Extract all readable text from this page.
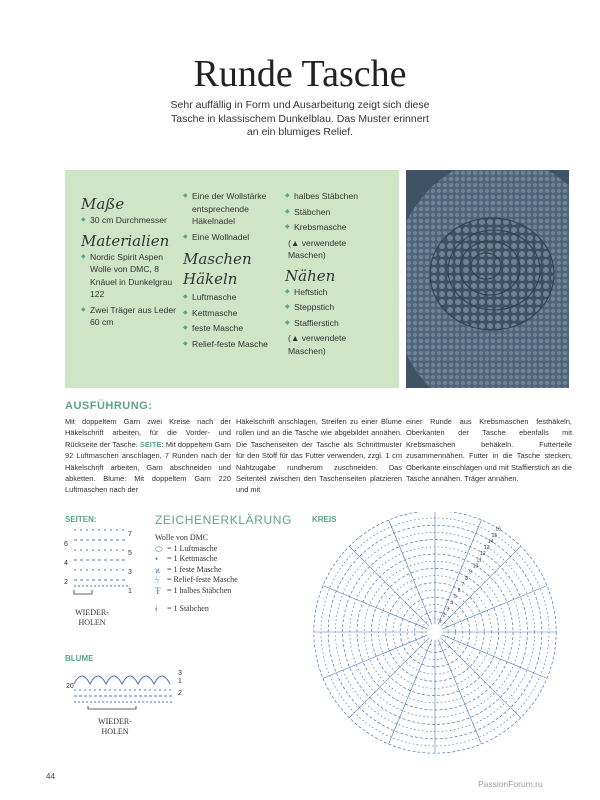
Runde Tasche
Sehr auffällig in Form und Ausarbeitung zeigt sich diese Tasche in klassischem Dunkelblau. Das Muster erinnert an ein blumiges Relief.
Maße
◆ 30 cm Durchmesser
Materialien
◆ Nordic Spirit Aspen Wolle von DMC, 8 Knäuel in Dunkelgrau 122
◆ Zwei Träger aus Leder 60 cm
◆ Eine der Wollstärke entsprechende Häkelnadel
◆ Eine Wollnadel
Maschen Häkeln
◆ Luftmasche
◆ Kettmasche
◆ feste Masche
◆ Relief-feste Masche
◆ halbes Stäbchen
◆ Stäbchen
◆ Krebsmasche
(▲ verwendete Maschen)
Nähen
◆ Heftstich
◆ Steppstich
◆ Staffierstich
(▲ verwendete Maschen)
AUSFÜHRUNG:
Mit doppeltem Garn zwei Kreise nach der Häkelschrift arbeiten, für die Vorder- und Rückseite der Tasche. SEITE: Mit doppeltem Garn 92 Luftmaschen anschlagen, 7 Runden nach der Häkelschrift arbeiten, Garn abschneiden und abketten. Blume: Mit doppeltem Garn 220 Luftmaschen nach der
Häkelschrift anschlagen, Streifen zu einer Blume rollen und an die Tasche wie abgebildet annähen. Die Taschenseiten der Tasche als Schnittmuster für den Stoff für das Futter verwenden, zzgl. 1 cm Nahtzugabe rundherum zuschneiden. Das Seitenteil zwischen den Taschenseiten platzieren und mit
einer Runde aus Krebsmaschen festhäkeln, Oberkanten der Tasche ebenfalls mit Krebsmaschen behäkeln. Futterteile zusammennähen. Futter in die Tasche stecken, Oberkante einschlagen und mit Staffierstich an die Tasche annähen. Träger annähen.
SEITEN:
6
4
2
7
5
3
1
WIEDER-
HOLEN
ZEICHENERKLÄRUNG
Wolle von DMC
⬭ = 1 Luftmasche
• = 1 Kettmasche
ϰ = 1 feste Masche
ϟ = Relief-feste Masche
Ŧ = 1 halbes Stäbchen
ǂ = 1 Stäbchen
KREIS
16
15
14
13
12
11
10
9
8
7
6
5
4
3
2
1
BLUME
20
1
3
2
WIEDER-
HOLEN
44
PassionForum.ru
